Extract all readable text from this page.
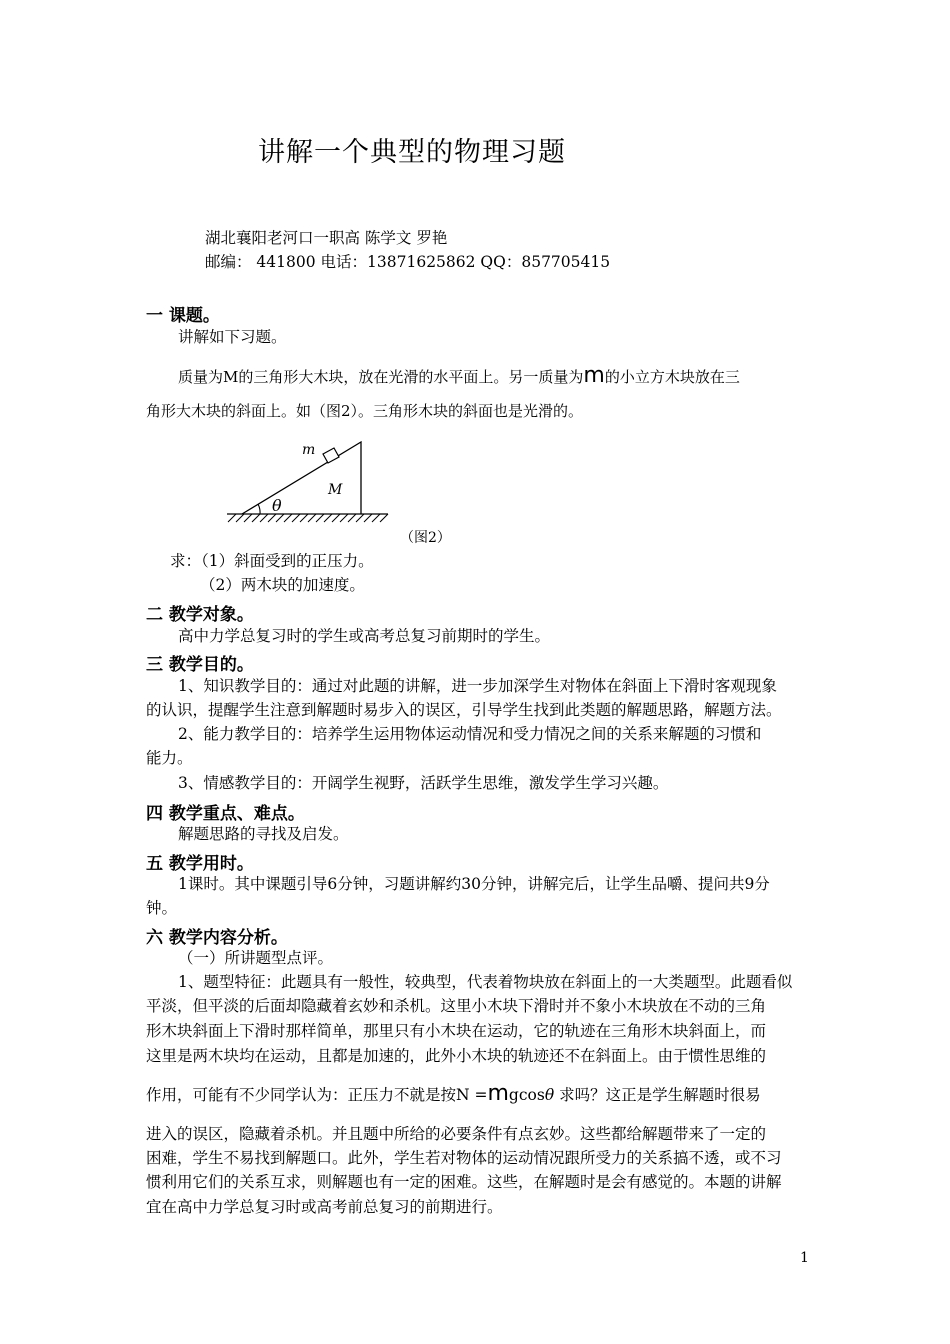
讲解一个典型的物理习题
湖北襄阳老河口一职高 陈学文 罗艳
邮编： 441800 电话：13871625862 QQ：857705415
一 课题。
讲解如下习题。
质量为M的三角形大木块，放在光滑的水平面上。另一质量为m的小立方木块放在三
角形大木块的斜面上。如（图2）。三角形木块的斜面也是光滑的。
m
M
θ
（图2）
求：（1）斜面受到的正压力。
（2）两木块的加速度。
二 教学对象。
高中力学总复习时的学生或高考总复习前期时的学生。
三 教学目的。
1、知识教学目的：通过对此题的讲解，进一步加深学生对物体在斜面上下滑时客观现象
的认识，提醒学生注意到解题时易步入的误区，引导学生找到此类题的解题思路，解题方法。
2、能力教学目的：培养学生运用物体运动情况和受力情况之间的关系来解题的习惯和
能力。
3、情感教学目的：开阔学生视野，活跃学生思维，激发学生学习兴趣。
四 教学重点、难点。
解题思路的寻找及启发。
五 教学用时。
1课时。其中课题引导6分钟，习题讲解约30分钟，讲解完后，让学生品嚼、提问共9分
钟。
六 教学内容分析。
（一）所讲题型点评。
1、题型特征：此题具有一般性，较典型，代表着物块放在斜面上的一大类题型。此题看似
平淡，但平淡的后面却隐藏着玄妙和杀机。这里小木块下滑时并不象小木块放在不动的三角
形木块斜面上下滑时那样简单，那里只有小木块在运动，它的轨迹在三角形木块斜面上，而
这里是两木块均在运动，且都是加速的，此外小木块的轨迹还不在斜面上。由于惯性思维的
作用，可能有不少同学认为：正压力不就是按N =mgcosθ 求吗？这正是学生解题时很易
进入的误区，隐藏着杀机。并且题中所给的必要条件有点玄妙。这些都给解题带来了一定的
困难，学生不易找到解题口。此外，学生若对物体的运动情况跟所受力的关系搞不透，或不习
惯利用它们的关系互求，则解题也有一定的困难。这些，在解题时是会有感觉的。本题的讲解
宜在高中力学总复习时或高考前总复习的前期进行。
1
